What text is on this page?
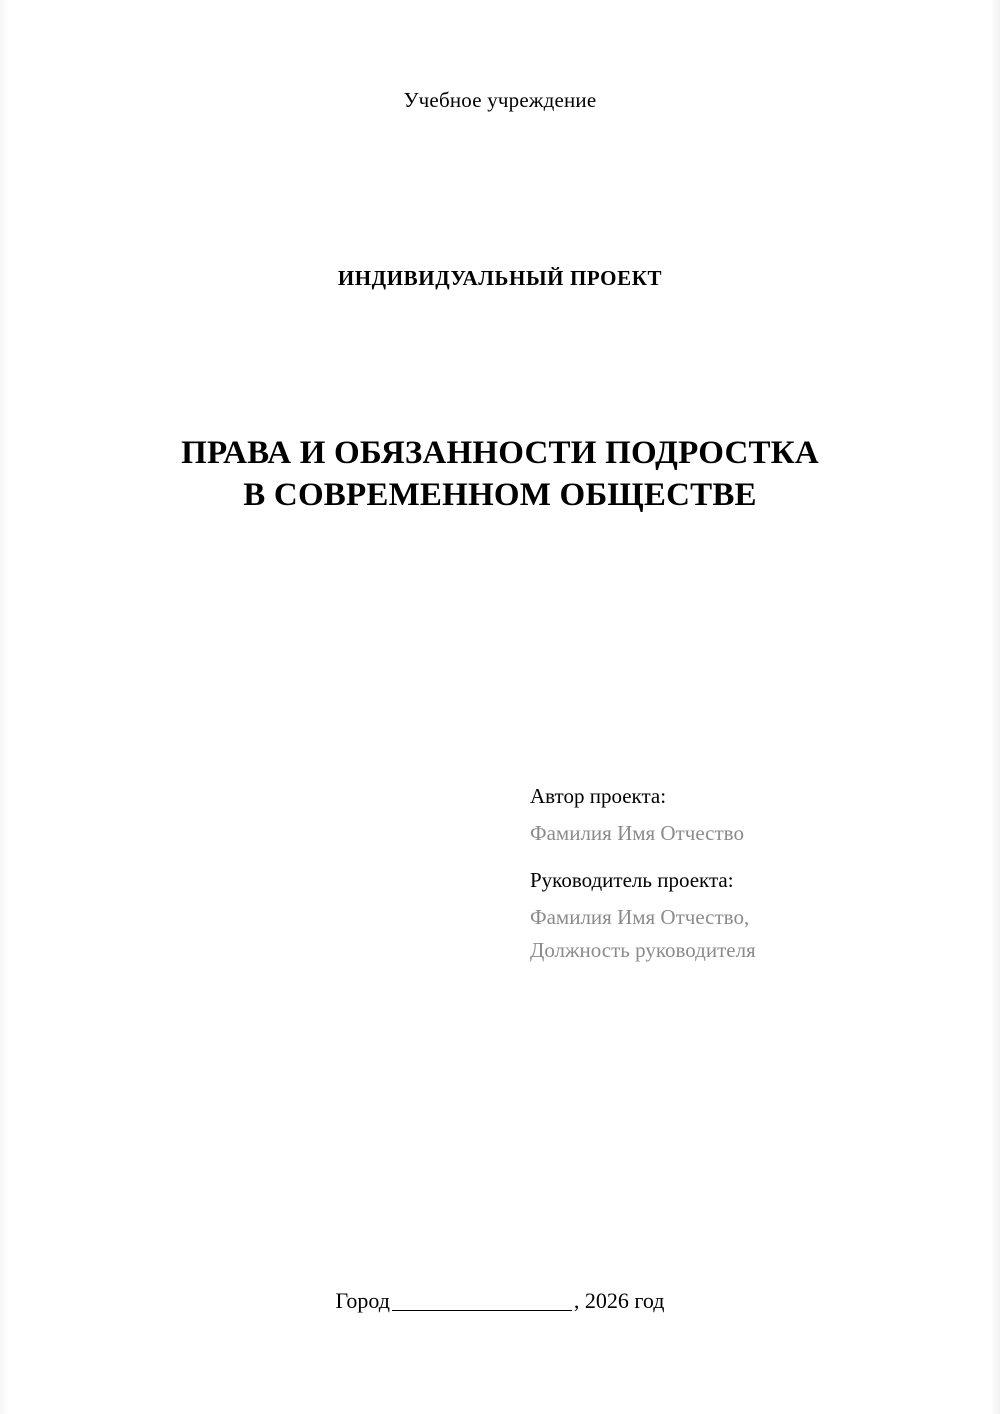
Учебное учреждение
ИНДИВИДУАЛЬНЫЙ ПРОЕКТ
ПРАВА И ОБЯЗАННОСТИ ПОДРОСТКА
В СОВРЕМЕННОМ ОБЩЕСТВЕ
Автор проекта:
Фамилия Имя Отчество
Руководитель проекта:
Фамилия Имя Отчество,
Должность руководителя
Город	, 2026 год
